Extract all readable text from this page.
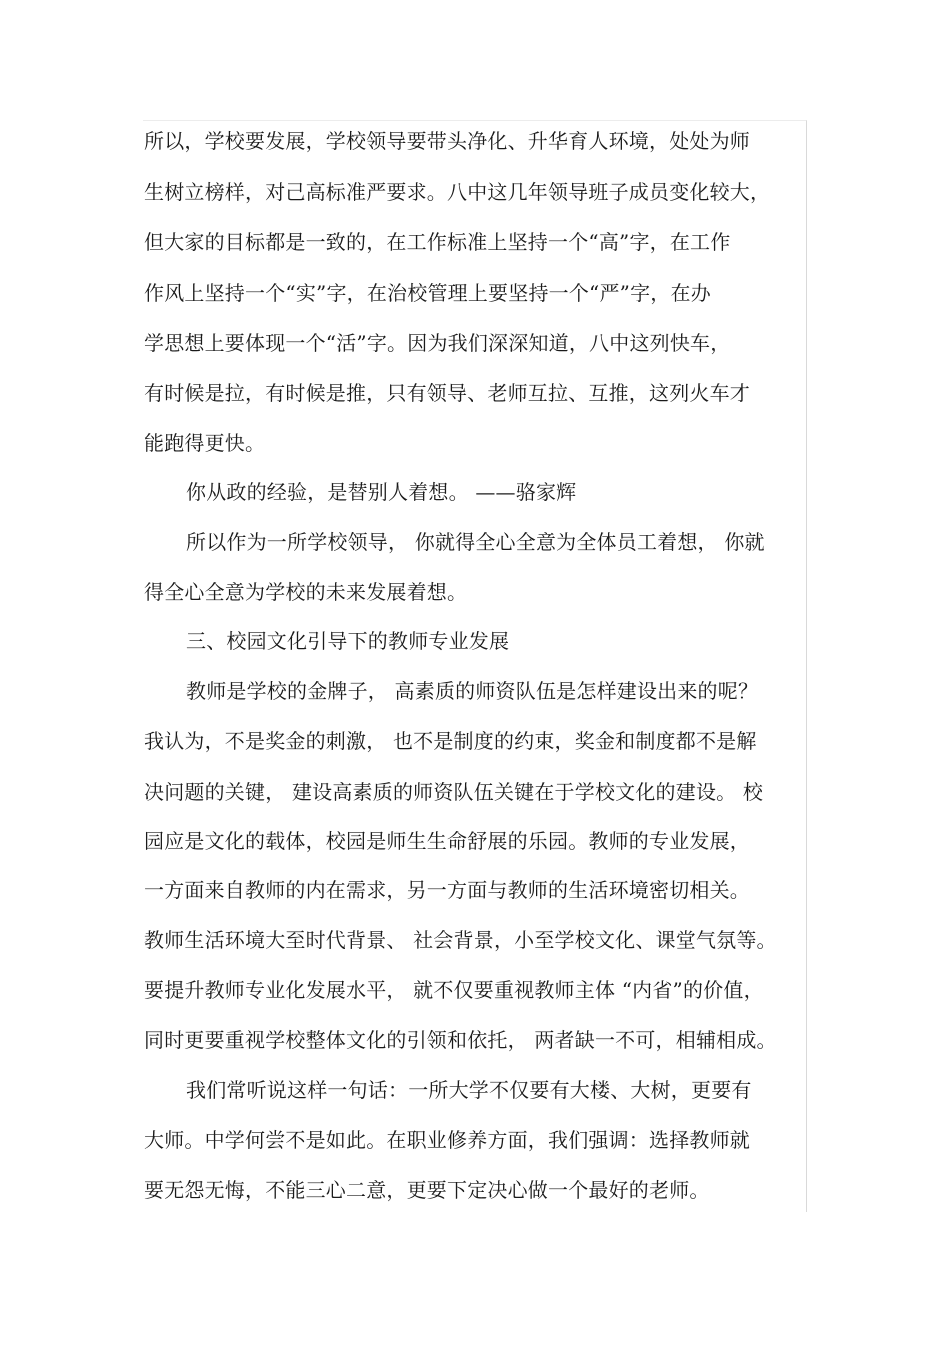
所以，学校要发展，学校领导要带头净化、升华育人环境，处处为师
生树立榜样，对己高标准严要求。八中这几年领导班子成员变化较大，
但大家的目标都是一致的，在工作标准上坚持一个“高”字，在工作
作风上坚持一个“实”字，在治校管理上要坚持一个“严”字，在办
学思想上要体现一个“活”字。因为我们深深知道，八中这列快车，
有时候是拉，有时候是推，只有领导、老师互拉、互推，这列火车才
能跑得更快。
你从政的经验，是替别人着想。 ——骆家辉
所以作为一所学校领导， 你就得全心全意为全体员工着想， 你就
得全心全意为学校的未来发展着想。
三、校园文化引导下的教师专业发展
教师是学校的金牌子， 高素质的师资队伍是怎样建设出来的呢？
我认为，不是奖金的刺激， 也不是制度的约束，奖金和制度都不是解
决问题的关键， 建设高素质的师资队伍关键在于学校文化的建设。 校
园应是文化的载体，校园是师生生命舒展的乐园。教师的专业发展，
一方面来自教师的内在需求，另一方面与教师的生活环境密切相关。
教师生活环境大至时代背景、 社会背景，小至学校文化、课堂气氛等。
要提升教师专业化发展水平， 就不仅要重视教师主体 “内省”的价值，
同时更要重视学校整体文化的引领和依托， 两者缺一不可，相辅相成。
我们常听说这样一句话：一所大学不仅要有大楼、大树，更要有
大师。中学何尝不是如此。在职业修养方面，我们强调：选择教师就
要无怨无悔，不能三心二意，更要下定决心做一个最好的老师。
